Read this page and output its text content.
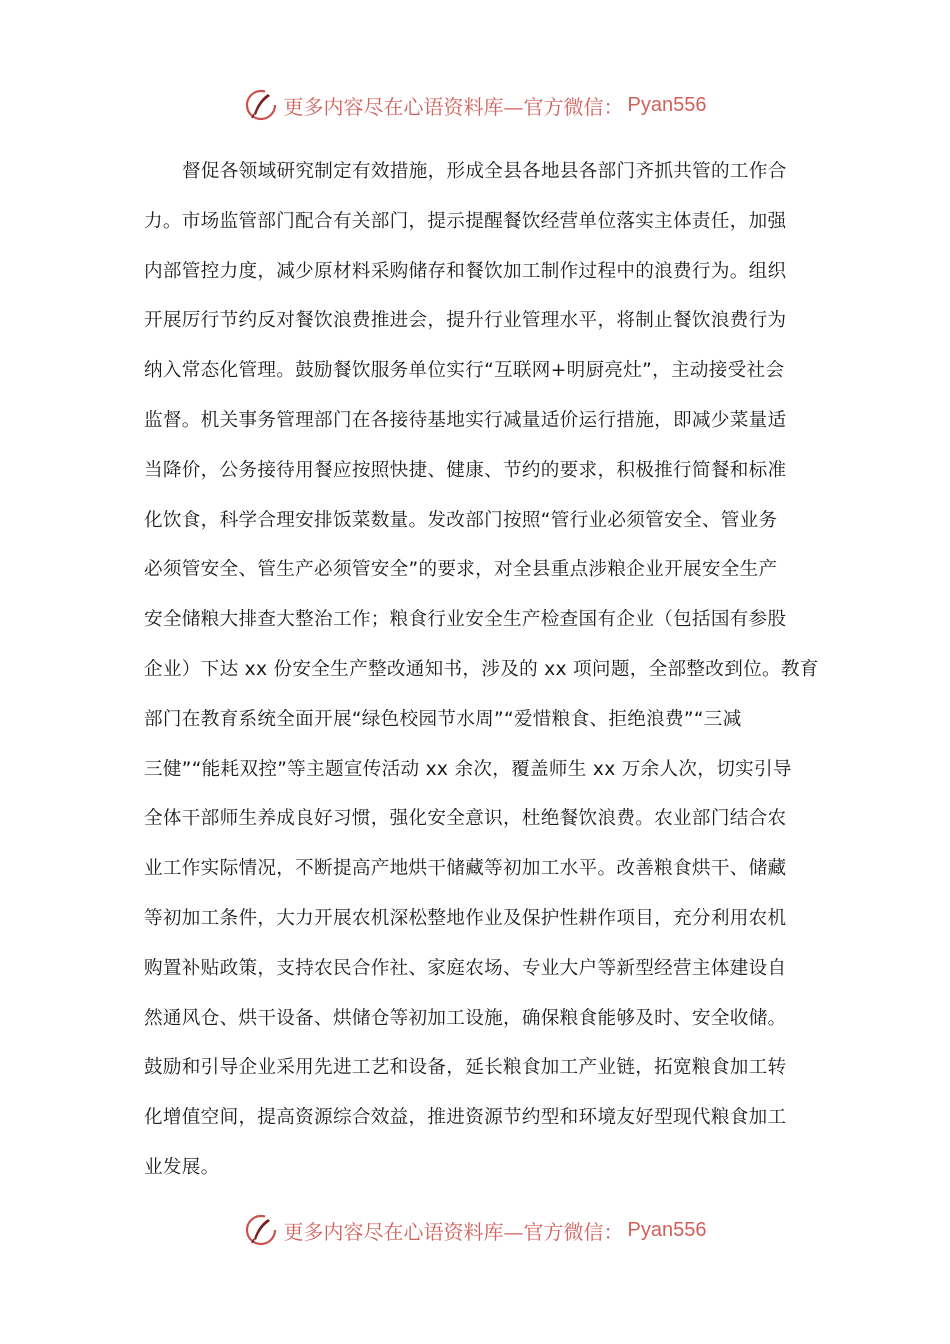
更多内容尽在心语资料库—官方微信： Pyan556
督促各领域研究制定有效措施，形成全县各地县各部门齐抓共管的工作合
力。市场监管部门配合有关部门，提示提醒餐饮经营单位落实主体责任，加强
内部管控力度，减少原材料采购储存和餐饮加工制作过程中的浪费行为。组织
开展厉行节约反对餐饮浪费推进会，提升行业管理水平，将制止餐饮浪费行为
纳入常态化管理。鼓励餐饮服务单位实行“互联网+明厨亮灶”，主动接受社会
监督。机关事务管理部门在各接待基地实行减量适价运行措施，即减少菜量适
当降价，公务接待用餐应按照快捷、健康、节约的要求，积极推行简餐和标准
化饮食，科学合理安排饭菜数量。发改部门按照“管行业必须管安全、管业务
必须管安全、管生产必须管安全”的要求，对全县重点涉粮企业开展安全生产
安全储粮大排查大整治工作；粮食行业安全生产检查国有企业（包括国有参股
企业）下达 xx 份安全生产整改通知书，涉及的 xx 项问题，全部整改到位。教育
部门在教育系统全面开展“绿色校园节水周”“爱惜粮食、拒绝浪费”“三减
三健”“能耗双控”等主题宣传活动 xx 余次，覆盖师生 xx 万余人次，切实引导
全体干部师生养成良好习惯，强化安全意识，杜绝餐饮浪费。农业部门结合农
业工作实际情况，不断提高产地烘干储藏等初加工水平。改善粮食烘干、储藏
等初加工条件，大力开展农机深松整地作业及保护性耕作项目，充分利用农机
购置补贴政策，支持农民合作社、家庭农场、专业大户等新型经营主体建设自
然通风仓、烘干设备、烘储仓等初加工设施，确保粮食能够及时、安全收储。
鼓励和引导企业采用先进工艺和设备，延长粮食加工产业链，拓宽粮食加工转
化增值空间，提高资源综合效益，推进资源节约型和环境友好型现代粮食加工
业发展。
更多内容尽在心语资料库—官方微信： Pyan556
